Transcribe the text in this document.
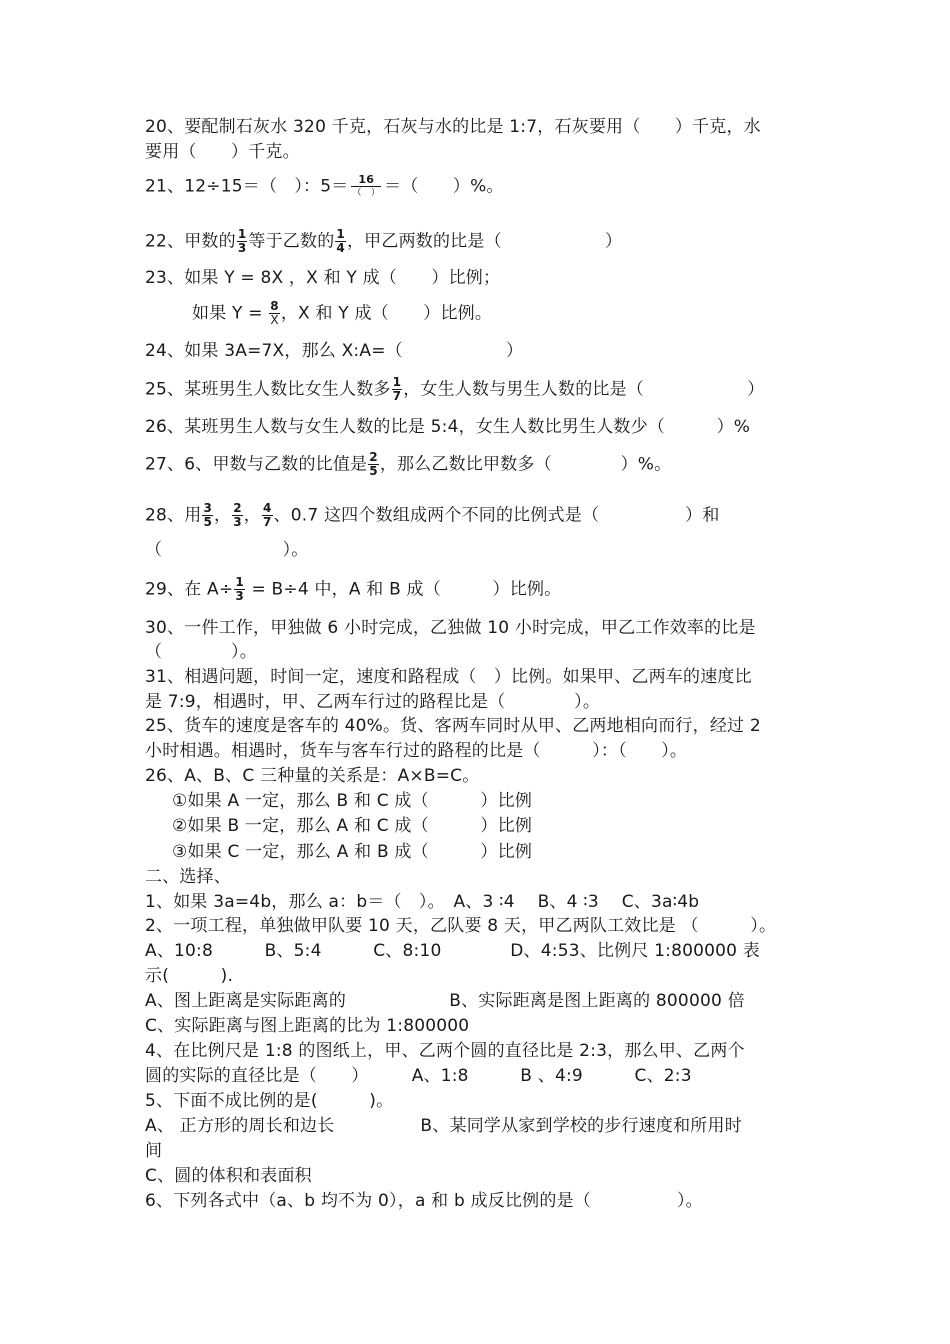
20、要配制石灰水 320 千克，石灰与水的比是 1:7，石灰要用（　　）千克，水
要用（　　）千克。
21、12÷15＝（　）：$5= \frac{16}{( )}$ ＝（　　）%。
22、甲数的 $\frac{1}{3}$ 等于乙数的 $\frac{1}{4}$ ，甲乙两数的比是（　　　　　　）
23、如果 Y = 8X ，X 和 Y 成（　　）比例；
如果 $Y = \frac{8}{X}$ ，X 和 Y 成（　　）比例。
24、如果 3A=7X，那么 X:A=（　　　　　　）
25、某班男生人数比女生人数多 $\frac{1}{7}$ ，女生人数与男生人数的比是（　　　　　　）
26、某班男生人数与女生人数的比是 5:4，女生人数比男生人数少（　　　）%
27、6、甲数与乙数的比值是 $\frac{2}{5}$ ，那么乙数比甲数多（　　　　）%。
28、用 $\frac{3}{5}$ ， $\frac{2}{3}$ ， $\frac{4}{7}$ 、0.7 这四个数组成两个不同的比例式是（　　　　　）和
（　　　　　　　）。
29、在 $A\div \frac{1}{3} = B\div 4$ 中，A 和 B 成（　　　）比例。
30、一件工作，甲独做 6 小时完成，乙独做 10 小时完成，甲乙工作效率的比是
（　　　　）。
31、相遇问题，时间一定，速度和路程成（　）比例。如果甲、乙两车的速度比
是 7:9，相遇时，甲、乙两车行过的路程比是（　　　　）。
25、货车的速度是客车的 40%。货、客两车同时从甲、乙两地相向而行，经过 2
小时相遇。相遇时，货车与客车行过的路程的比是（　　　）：（　　）。
26、A、B、C 三种量的关系是：A×B=C。
①如果 A 一定，那么 B 和 C 成（　　　）比例
②如果 B 一定，那么 A 和 C 成（　　　）比例
③如果 C 一定，那么 A 和 B 成（　　　）比例
二、选择、
1、如果 3a=4b，那么 a：b＝（　）。　A、3 ∶4　 B、4 ∶3　 C、3a∶4b
2、一项工程，单独做甲队要 10 天，乙队要 8 天，甲乙两队工效比是 （　　　）。
A、10:8　　　B、5:4　　　C、8:10　　　　D、4:53、比例尺 1:800000 表
示(　　　).
A、图上距离是实际距离的　　　　　　B、实际距离是图上距离的 800000 倍
C、实际距离与图上距离的比为 1:800000
4、在比例尺是 1:8 的图纸上，甲、乙两个圆的直径比是 2:3，那么甲、乙两个
圆的实际的直径比是（　　）　　　A、1:8　　　B 、4:9　　　C、2:3
5、下面不成比例的是(　　　)。
A、 正方形的周长和边长　　　　　B、某同学从家到学校的步行速度和所用时
间
C、圆的体积和表面积
6、下列各式中（a、b 均不为 0），a 和 b 成反比例的是（　　　　　）。
